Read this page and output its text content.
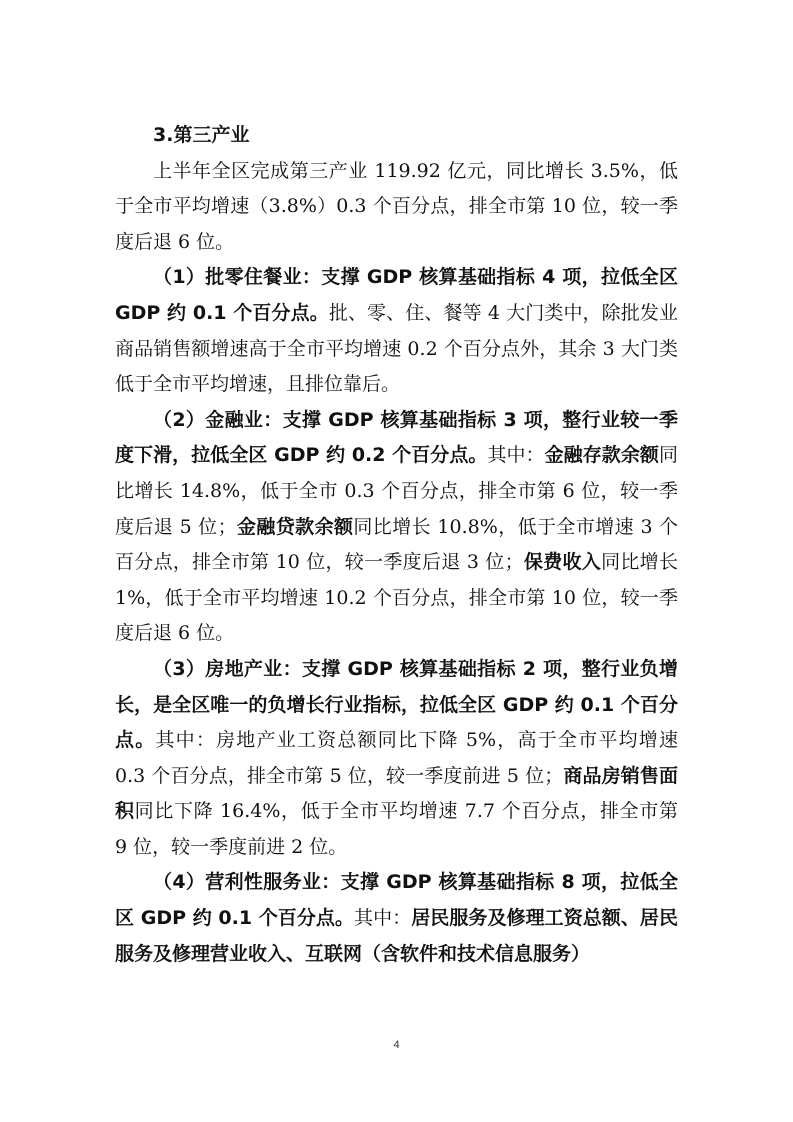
3.第三产业

上半年全区完成第三产业 119.92 亿元，同比增长 3.5%，低于全市平均增速（3.8%）0.3 个百分点，排全市第 10 位，较一季度后退 6 位。

（1）批零住餐业：支撑 GDP 核算基础指标 4 项，拉低全区 GDP 约 0.1 个百分点。批、零、住、餐等 4 大门类中，除批发业商品销售额增速高于全市平均增速 0.2 个百分点外，其余 3 大门类低于全市平均增速，且排位靠后。

（2）金融业：支撑 GDP 核算基础指标 3 项，整行业较一季度下滑，拉低全区 GDP 约 0.2 个百分点。其中：金融存款余额同比增长 14.8%，低于全市 0.3 个百分点，排全市第 6 位，较一季度后退 5 位；金融贷款余额同比增长 10.8%，低于全市增速 3 个百分点，排全市第 10 位，较一季度后退 3 位；保费收入同比增长 1%，低于全市平均增速 10.2 个百分点，排全市第 10 位，较一季度后退 6 位。

（3）房地产业：支撑 GDP 核算基础指标 2 项，整行业负增长，是全区唯一的负增长行业指标，拉低全区 GDP 约 0.1 个百分点。其中：房地产业工资总额同比下降 5%，高于全市平均增速 0.3 个百分点，排全市第 5 位，较一季度前进 5 位；商品房销售面积同比下降 16.4%，低于全市平均增速 7.7 个百分点，排全市第 9 位，较一季度前进 2 位。

（4）营利性服务业：支撑 GDP 核算基础指标 8 项，拉低全区 GDP 约 0.1 个百分点。其中：居民服务及修理工资总额、居民服务及修理营业收入、互联网（含软件和技术信息服务）

4
